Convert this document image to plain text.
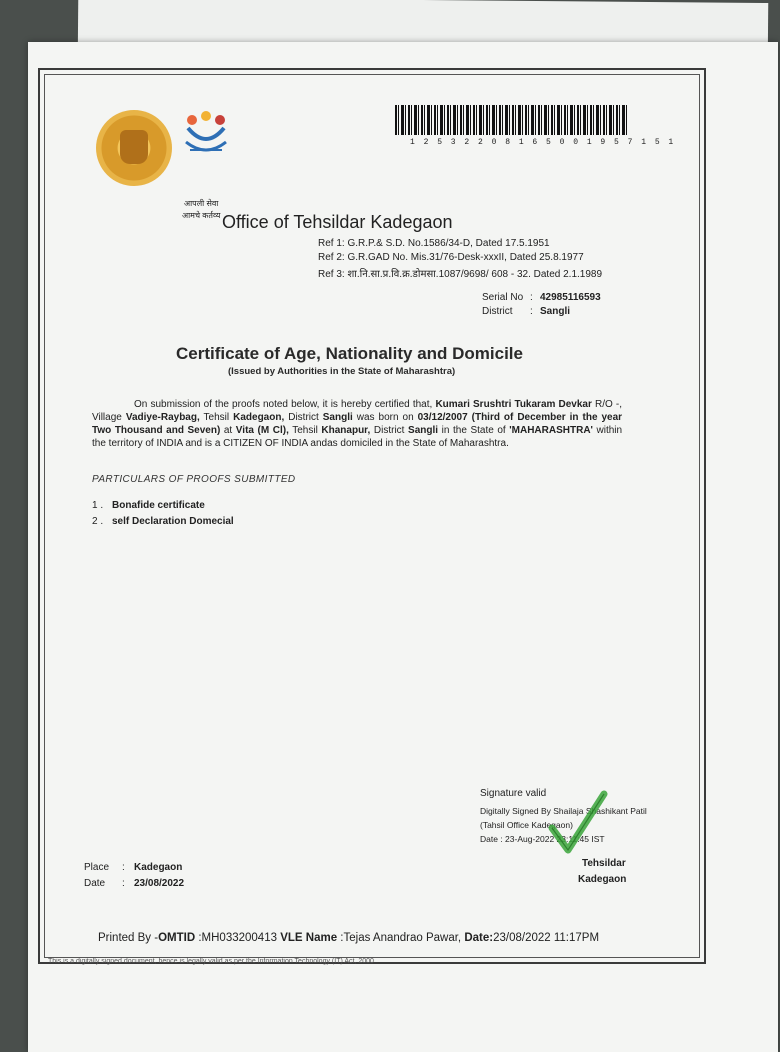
आपली सेवा
आमचे कर्तव्य
1 2 5 3 2 2 0 8 1 6 5 0 0 1 9 5 7 1 5 1
Office of Tehsildar Kadegaon
Ref 1: G.R.P.& S.D. No.1586/34-D, Dated 17.5.1951
Ref 2: G.R.GAD No. Mis.31/76-Desk-xxxII, Dated 25.8.1977
Ref 3: शा.नि.सा.प्र.वि.क्र.डोमसा.1087/9698/ 608 - 32. Dated 2.1.1989
Serial No : 42985116593
District : Sangli
Certificate of Age, Nationality and Domicile
(Issued by Authorities in the State of Maharashtra)
On submission of the proofs noted below, it is hereby certified that, Kumari Srushtri Tukaram Devkar R/O -, Village Vadiye-Raybag, Tehsil Kadegaon, District Sangli was born on 03/12/2007 (Third of December in the year Two Thousand and Seven) at Vita (M Cl), Tehsil Khanapur, District Sangli in the State of 'MAHARASHTRA' within the territory of INDIA and is a CITIZEN OF INDIA andas domiciled in the State of Maharashtra.
PARTICULARS OF PROOFS SUBMITTED
1 . Bonafide certificate
2 . self Declaration Domecial
Signature valid
Digitally Signed By Shailaja Shashikant Patil
(Tahsil Office Kadegaon)
Date : 23-Aug-2022 23:11:45 IST
Tehsildar
Kadegaon
Place : Kadegaon
Date : 23/08/2022
Printed By -OMTID :MH033200413 VLE Name :Tejas Anandrao Pawar, Date:23/08/2022 11:17PM
This is a digitally signed document, hence is legally valid as per the Information Technology (IT) Act, 2000
